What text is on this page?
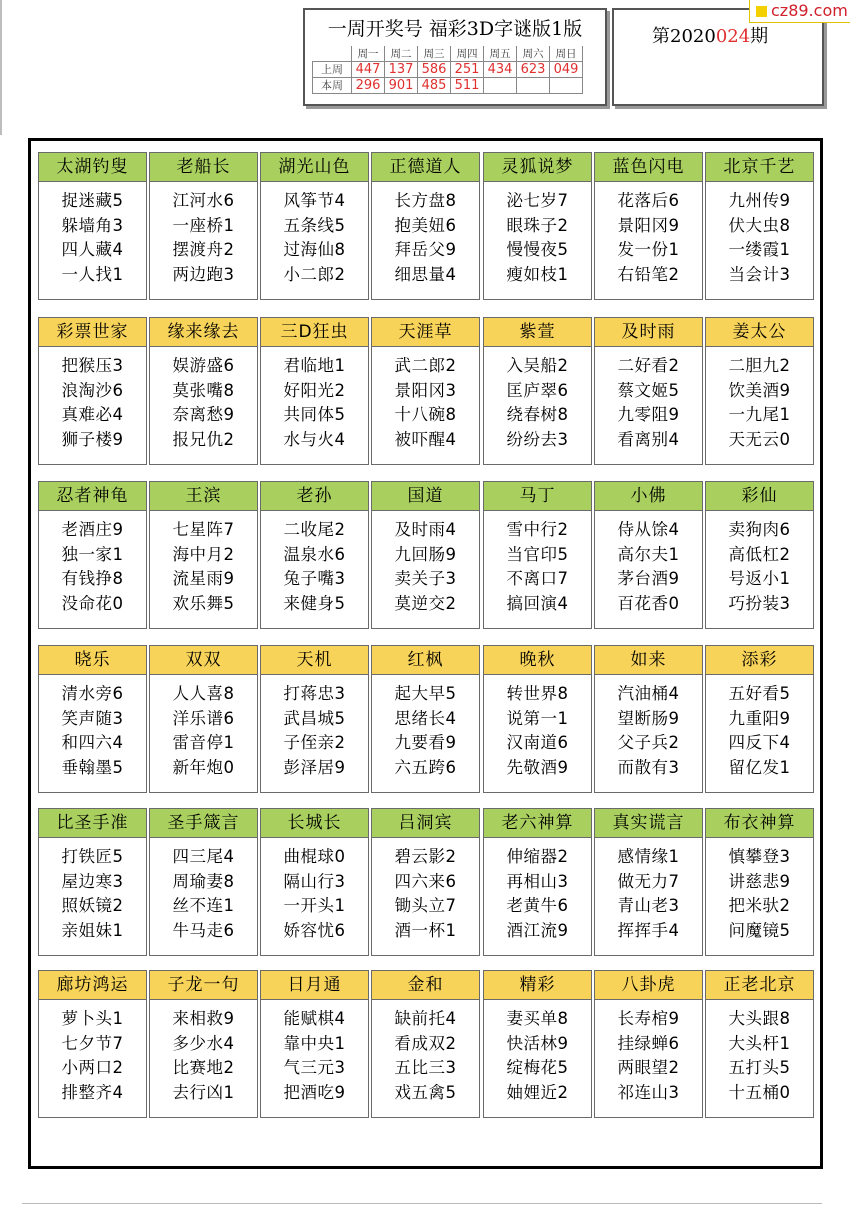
一周开奖号 福彩3D字谜版1版
	周一	周二	周三	周四	周五	周六	周日
上周	447	137	586	251	434	623	049
本周	296	901	485	511			
第2020024期
cz89.com
太湖钓叟
捉迷藏5
躲墙角3
四人藏4
一人找1
老船长
江河水6
一座桥1
摆渡舟2
两边跑3
湖光山色
风筝节4
五条线5
过海仙8
小二郎2
正德道人
长方盘8
抱美妞6
拜岳父9
细思量4
灵狐说梦
泌七岁7
眼珠子2
慢慢夜5
瘦如枝1
蓝色闪电
花落后6
景阳冈9
发一份1
右铅笔2
北京千艺
九州传9
伏大虫8
一缕霞1
当会计3
彩票世家
把猴压3
浪淘沙6
真难必4
狮子楼9
缘来缘去
娱游盛6
莫张嘴8
奈离愁9
报兄仇2
三D狂虫
君临地1
好阳光2
共同体5
水与火4
天涯草
武二郎2
景阳冈3
十八碗8
被吓醒4
紫萱
入吴船2
匡庐翠6
绕春树8
纷纷去3
及时雨
二好看2
蔡文姬5
九零阻9
看离别4
姜太公
二胆九2
饮美酒9
一九尾1
天无云0
忍者神龟
老酒庄9
独一家1
有钱挣8
没命花0
王滨
七星阵7
海中月2
流星雨9
欢乐舞5
老孙
二收尾2
温泉水6
兔子嘴3
来健身5
国道
及时雨4
九回肠9
卖关子3
莫逆交2
马丁
雪中行2
当官印5
不离口7
搞回演4
小佛
侍从馀4
高尔夫1
茅台酒9
百花香0
彩仙
卖狗肉6
高低杠2
号返小1
巧扮装3
晓乐
清水旁6
笑声随3
和四六4
垂翰墨5
双双
人人喜8
洋乐谱6
雷音停1
新年炮0
天机
打蒋忠3
武昌城5
子侄亲2
彭泽居9
红枫
起大早5
思绪长4
九要看9
六五跨6
晚秋
转世界8
说第一1
汉南道6
先敬酒9
如来
汽油桶4
望断肠9
父子兵2
而散有3
添彩
五好看5
九重阳9
四反下4
留亿发1
比圣手准
打铁匠5
屋边寒3
照妖镜2
亲姐妹1
圣手箴言
四三尾4
周瑜妻8
丝不连1
牛马走6
长城长
曲棍球0
隔山行3
一开头1
娇容忧6
吕洞宾
碧云影2
四六来6
锄头立7
酒一杯1
老六神算
伸缩器2
再相山3
老黄牛6
酒江流9
真实谎言
感情缘1
做无力7
青山老3
挥挥手4
布衣神算
慎攀登3
讲慈悲9
把米驮2
问魔镜5
廊坊鸿运
萝卜头1
七夕节7
小两口2
排整齐4
子龙一句
来相救9
多少水4
比赛地2
去行凶1
日月通
能赋棋4
靠中央1
气三元3
把酒吃9
金和
缺前托4
看成双2
五比三3
戏五禽5
精彩
妻买单8
快活林9
绽梅花5
妯娌近2
八卦虎
长寿棺9
挂绿蝉6
两眼望2
祁连山3
正老北京
大头跟8
大头杆1
五打头5
十五桶0
